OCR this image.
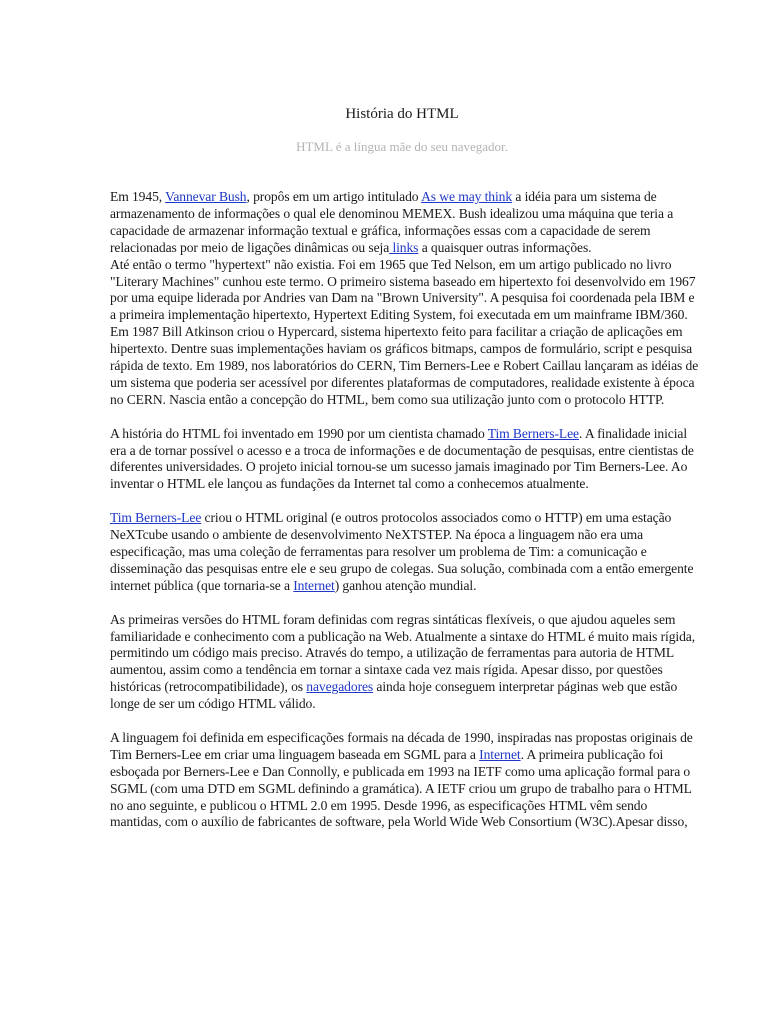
História do HTML
HTML é a língua mãe do seu navegador.

Em 1945, Vannevar Bush, propôs em um artigo intitulado As we may think a idéia para um sistema de armazenamento de informações o qual ele denominou MEMEX. Bush idealizou uma máquina que teria a capacidade de armazenar informação textual e gráfica, informações essas com a capacidade de serem relacionadas por meio de ligações dinâmicas ou seja links a quaisquer outras informações.
Até então o termo "hypertext" não existia. Foi em 1965 que Ted Nelson, em um artigo publicado no livro "Literary Machines" cunhou este termo. O primeiro sistema baseado em hipertexto foi desenvolvido em 1967 por uma equipe liderada por Andries van Dam na "Brown University". A pesquisa foi coordenada pela IBM e a primeira implementação hipertexto, Hypertext Editing System, foi executada em um mainframe IBM/360. Em 1987 Bill Atkinson criou o Hypercard, sistema hipertexto feito para facilitar a criação de aplicações em hipertexto. Dentre suas implementações haviam os gráficos bitmaps, campos de formulário, script e pesquisa rápida de texto. Em 1989, nos laboratórios do CERN, Tim Berners-Lee e Robert Caillau lançaram as idéias de um sistema que poderia ser acessível por diferentes plataformas de computadores, realidade existente à época no CERN. Nascia então a concepção do HTML, bem como sua utilização junto com o protocolo HTTP.

A história do HTML foi inventado em 1990 por um cientista chamado Tim Berners-Lee. A finalidade inicial era a de tornar possível o acesso e a troca de informações e de documentação de pesquisas, entre cientistas de diferentes universidades. O projeto inicial tornou-se um sucesso jamais imaginado por Tim Berners-Lee. Ao inventar o HTML ele lançou as fundações da Internet tal como a conhecemos atualmente.

Tim Berners-Lee criou o HTML original (e outros protocolos associados como o HTTP) em uma estação NeXTcube usando o ambiente de desenvolvimento NeXTSTEP. Na época a linguagem não era uma especificação, mas uma coleção de ferramentas para resolver um problema de Tim: a comunicação e disseminação das pesquisas entre ele e seu grupo de colegas. Sua solução, combinada com a então emergente internet pública (que tornaria-se a Internet) ganhou atenção mundial.

As primeiras versões do HTML foram definidas com regras sintáticas flexíveis, o que ajudou aqueles sem familiaridade e conhecimento com a publicação na Web. Atualmente a sintaxe do HTML é muito mais rígida, permitindo um código mais preciso. Através do tempo, a utilização de ferramentas para autoria de HTML aumentou, assim como a tendência em tornar a sintaxe cada vez mais rígida. Apesar disso, por questões históricas (retrocompatibilidade), os navegadores ainda hoje conseguem interpretar páginas web que estão longe de ser um código HTML válido.

A linguagem foi definida em especificações formais na década de 1990, inspiradas nas propostas originais de Tim Berners-Lee em criar uma linguagem baseada em SGML para a Internet. A primeira publicação foi esboçada por Berners-Lee e Dan Connolly, e publicada em 1993 na IETF como uma aplicação formal para o SGML (com uma DTD em SGML definindo a gramática). A IETF criou um grupo de trabalho para o HTML no ano seguinte, e publicou o HTML 2.0 em 1995. Desde 1996, as especificações HTML vêm sendo mantidas, com o auxílio de fabricantes de software, pela World Wide Web Consortium (W3C).Apesar disso,
